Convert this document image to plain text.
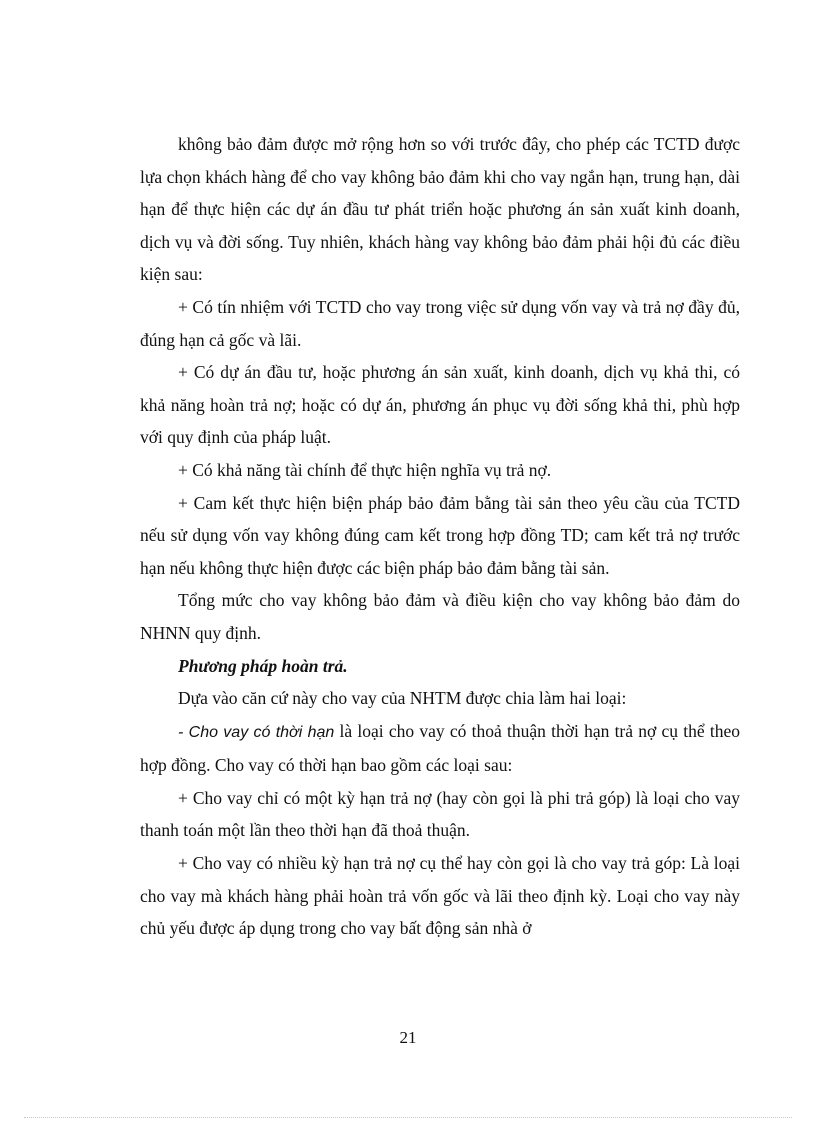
không bảo đảm được mở rộng hơn so với trước đây, cho phép các TCTD được lựa chọn khách hàng để cho vay không bảo đảm khi cho vay ngắn hạn, trung hạn, dài hạn để thực hiện các dự án đầu tư phát triển hoặc phương án sản xuất kinh doanh, dịch vụ và đời sống. Tuy nhiên, khách hàng vay không bảo đảm phải hội đủ các điều kiện sau:

+ Có tín nhiệm với TCTD cho vay trong việc sử dụng vốn vay và trả nợ đầy đủ, đúng hạn cả gốc và lãi.

+ Có dự án đầu tư, hoặc phương án sản xuất, kinh doanh, dịch vụ khả thi, có khả năng hoàn trả nợ; hoặc có dự án, phương án phục vụ đời sống khả thi, phù hợp với quy định của pháp luật.

+ Có khả năng tài chính để thực hiện nghĩa vụ trả nợ.

+ Cam kết thực hiện biện pháp bảo đảm bằng tài sản theo yêu cầu của TCTD nếu sử dụng vốn vay không đúng cam kết trong hợp đồng TD; cam kết trả nợ trước hạn nếu không thực hiện được các biện pháp bảo đảm bằng tài sản.

Tổng mức cho vay không bảo đảm và điều kiện cho vay không bảo đảm do NHNN quy định.

Phương pháp hoàn trả.

Dựa vào căn cứ này cho vay của NHTM được chia làm hai loại:

- Cho vay có thời hạn là loại cho vay có thoả thuận thời hạn trả nợ cụ thể theo hợp đồng. Cho vay có thời hạn bao gồm các loại sau:

+ Cho vay chỉ có một kỳ hạn trả nợ (hay còn gọi là phi trả góp) là loại cho vay thanh toán một lần theo thời hạn đã thoả thuận.

+ Cho vay có nhiều kỳ hạn trả nợ cụ thể hay còn gọi là cho vay trả góp: Là loại cho vay mà khách hàng phải hoàn trả vốn gốc và lãi theo định kỳ. Loại cho vay này chủ yếu được áp dụng trong cho vay bất động sản nhà ở

21
